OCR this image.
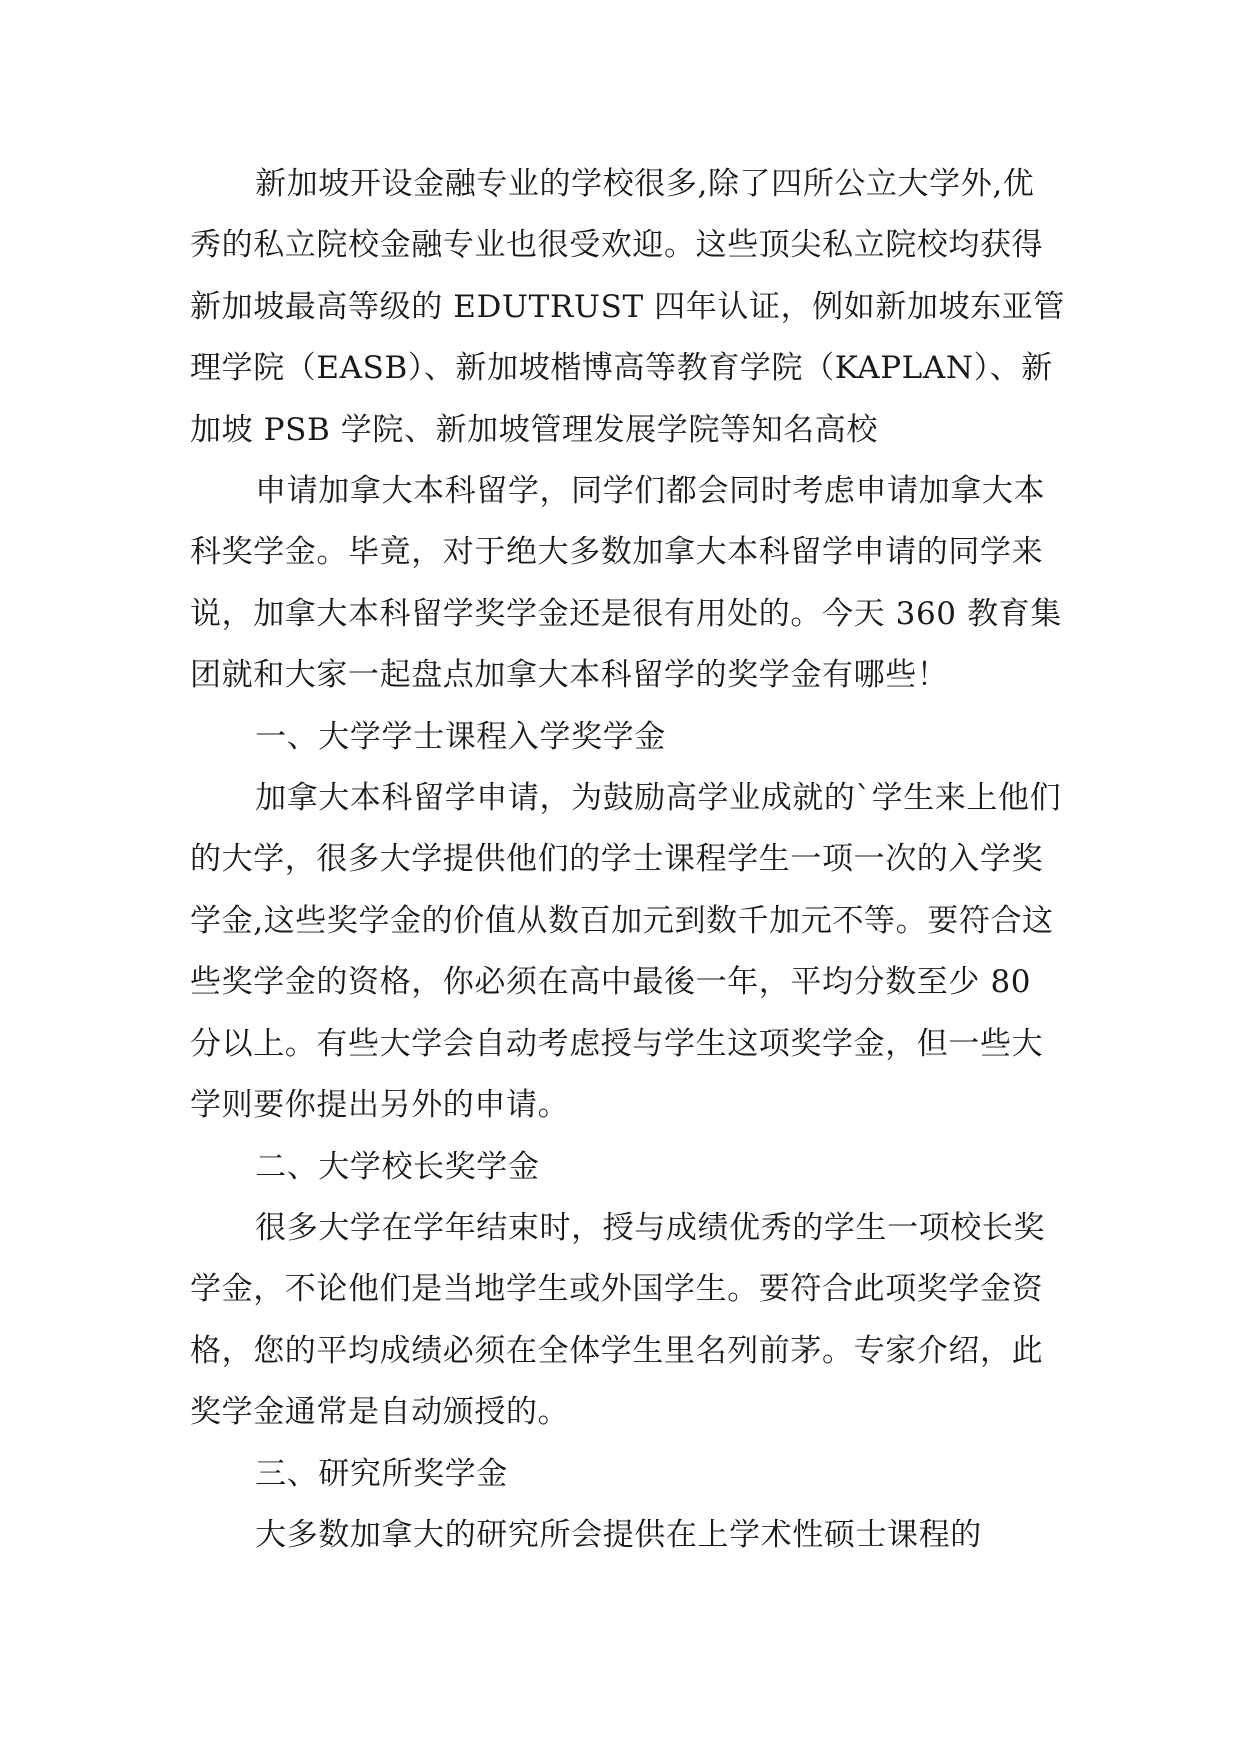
新加坡开设金融专业的学校很多,除了四所公立大学外,优秀的私立院校金融专业也很受欢迎。这些顶尖私立院校均获得新加坡最高等级的 EDUTRUST 四年认证，例如新加坡东亚管理学院（EASB）、新加坡楷博高等教育学院（KAPLAN）、新加坡 PSB 学院、新加坡管理发展学院等知名高校

申请加拿大本科留学，同学们都会同时考虑申请加拿大本科奖学金。毕竟，对于绝大多数加拿大本科留学申请的同学来说，加拿大本科留学奖学金还是很有用处的。今天 360 教育集团就和大家一起盘点加拿大本科留学的奖学金有哪些！

一、大学学士课程入学奖学金

加拿大本科留学申请，为鼓励高学业成就的`学生来上他们的大学，很多大学提供他们的学士课程学生一项一次的入学奖学金,这些奖学金的价值从数百加元到数千加元不等。要符合这些奖学金的资格，你必须在高中最後一年，平均分数至少 80 分以上。有些大学会自动考虑授与学生这项奖学金，但一些大学则要你提出另外的申请。

二、大学校长奖学金

很多大学在学年结束时，授与成绩优秀的学生一项校长奖学金，不论他们是当地学生或外国学生。要符合此项奖学金资格，您的平均成绩必须在全体学生里名列前茅。专家介绍，此奖学金通常是自动颁授的。

三、研究所奖学金

大多数加拿大的研究所会提供在上学术性硕士课程的
